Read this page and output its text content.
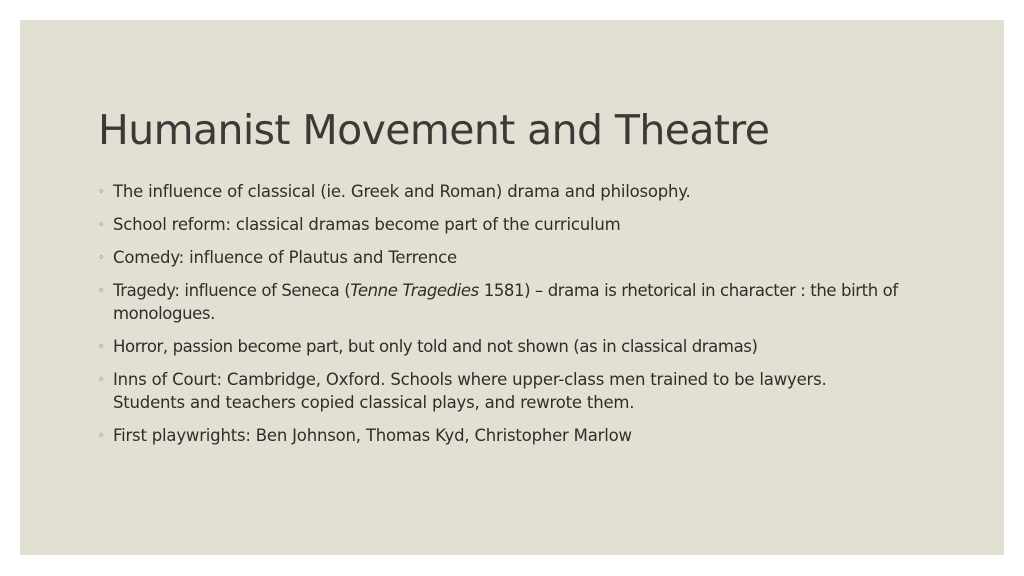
Humanist Movement and Theatre
◦ The influence of classical (ie. Greek and Roman) drama and philosophy.
◦ School reform: classical dramas become part of the curriculum
◦ Comedy: influence of Plautus and Terrence
◦ Tragedy: influence of Seneca (Tenne Tragedies 1581) – drama is rhetorical in character : the birth of monologues.
◦ Horror, passion become part, but only told and not shown (as in classical dramas)
◦ Inns of Court: Cambridge, Oxford. Schools where upper-class men trained to be lawyers. Students and teachers copied classical plays, and rewrote them.
◦ First playwrights: Ben Johnson, Thomas Kyd, Christopher Marlow
